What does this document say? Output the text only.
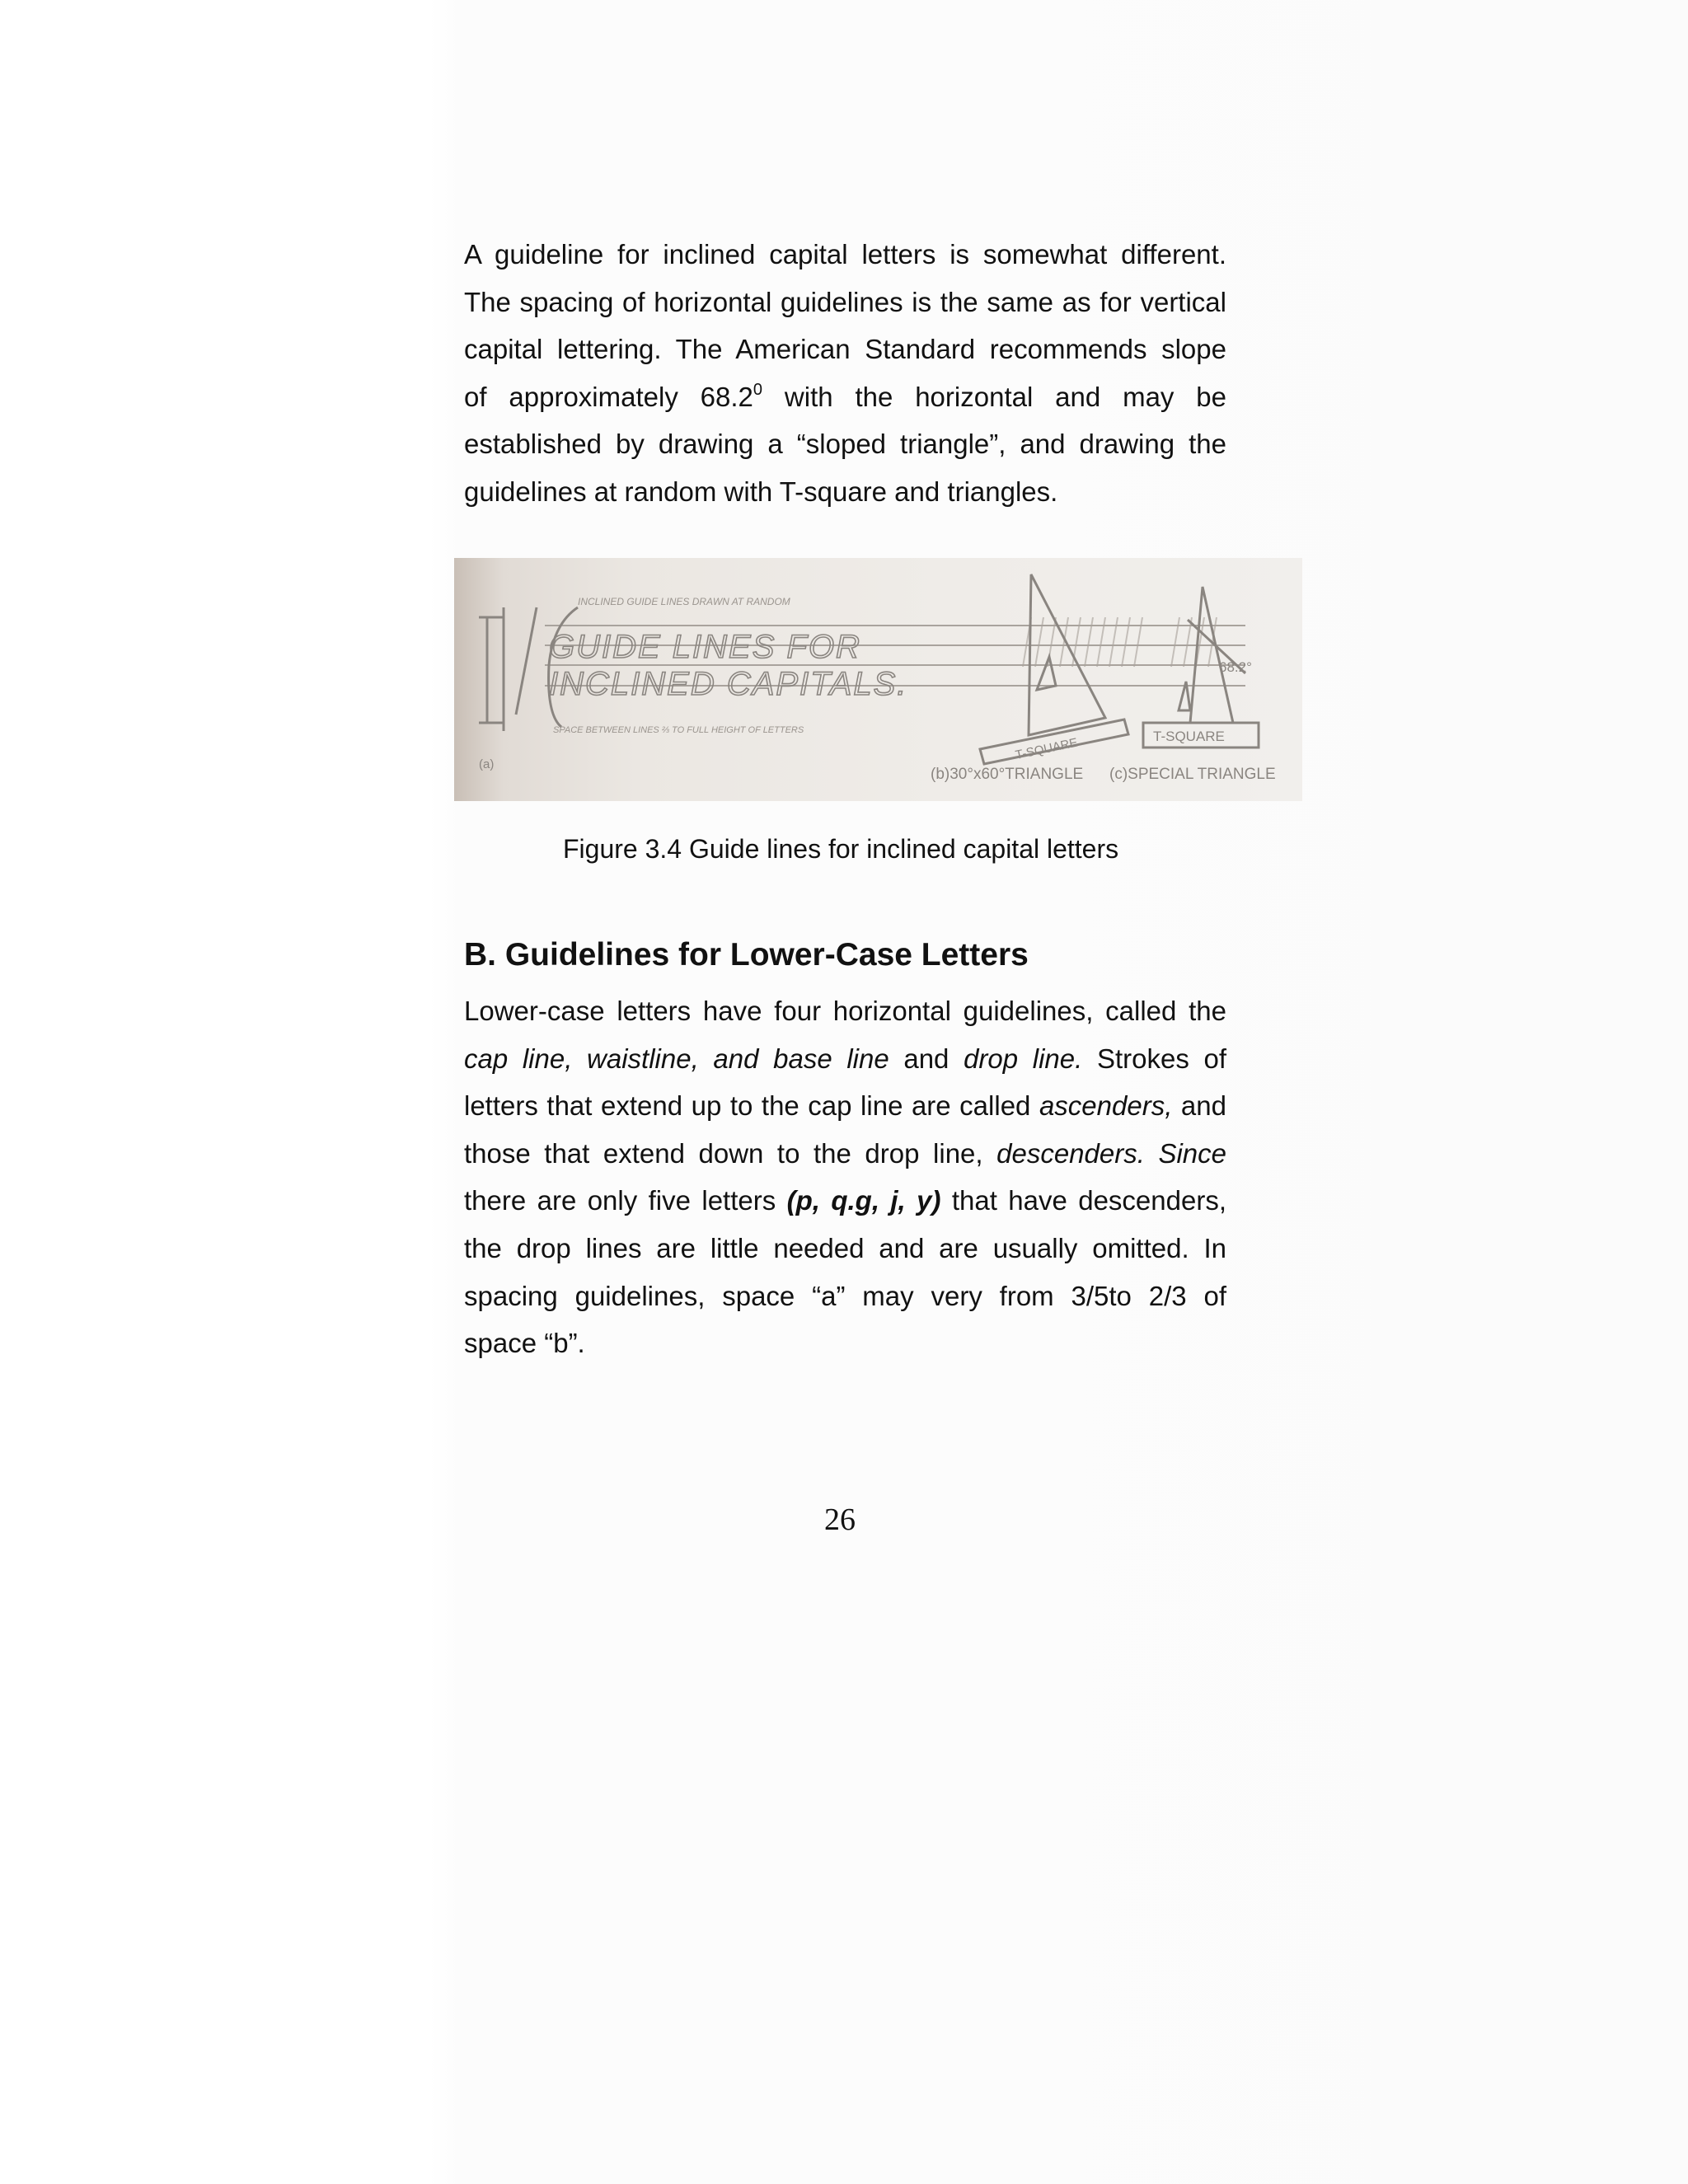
A guideline for inclined capital letters is somewhat different.
The spacing of horizontal guidelines is the same as for vertical
capital lettering. The American Standard recommends slope
of approximately 68.2$^0$ with the horizontal and may be
established by drawing a “sloped triangle”, and drawing the
guidelines at random with T-square and triangles.
INCLINED GUIDE LINES DRAWN AT RANDOM
GUIDE LINES FOR
INCLINED CAPITALS.
SPACE BETWEEN LINES ⅔ TO FULL HEIGHT OF LETTERS
(a)
T-SQUARE	T-SQUARE
68.2°
(b)30°x60°TRIANGLE (c)SPECIAL TRIANGLE
Figure 3.4 Guide lines for inclined capital letters
B. Guidelines for Lower-Case Letters
Lower-case letters have four horizontal guidelines, called the
cap line, waistline, and base line and drop line. Strokes of
letters that extend up to the cap line are called ascenders, and
those that extend down to the drop line, descenders. Since
there are only five letters (p, q.g, j, y) that have descenders,
the drop lines are little needed and are usually omitted. In
spacing guidelines, space “a” may very from 3/5to 2/3 of
space “b”.
26
